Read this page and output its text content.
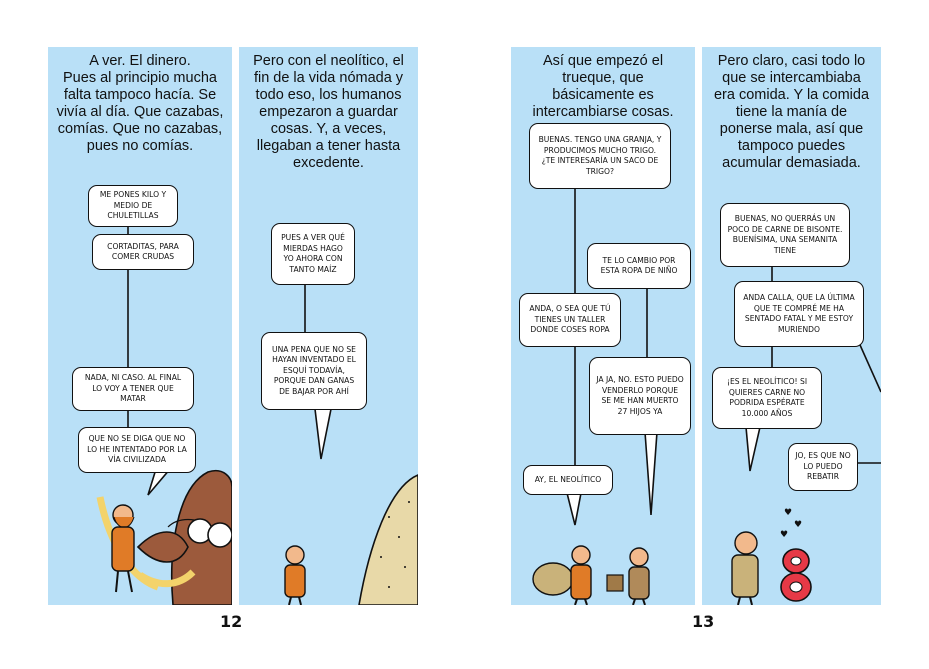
A ver. El dinero.
Pues al principio mucha falta tampoco hacía. Se vivía al día. Que cazabas, comías. Que no cazabas, pues no comías.
ME PONES KILO Y MEDIO DE CHULETILLAS
CORTADITAS, PARA COMER CRUDAS
NADA, NI CASO. AL FINAL LO VOY A TENER QUE MATAR
QUE NO SE DIGA QUE NO LO HE INTENTADO POR LA VÍA CIVILIZADA
Pero con el neolítico, el fin de la vida nómada y todo eso, los humanos empezaron a guardar cosas. Y, a veces, llegaban a tener hasta excedente.
PUES A VER QUÉ MIERDAS HAGO YO AHORA CON TANTO MAÍZ
UNA PENA QUE NO SE HAYAN INVENTADO EL ESQUÍ TODAVÍA, PORQUE DAN GANAS DE BAJAR POR AHÍ
12
Así que empezó el trueque, que básicamente es intercambiarse cosas.
BUENAS. TENGO UNA GRANJA, Y PRODUCIMOS MUCHO TRIGO. ¿TE INTERESARÍA UN SACO DE TRIGO?
TE LO CAMBIO POR ESTA ROPA DE NIÑO
ANDA, O SEA QUE TÚ TIENES UN TALLER DONDE COSES ROPA
JA JA, NO. ESTO PUEDO VENDERLO PORQUE SE ME HAN MUERTO 27 HIJOS YA
AY, EL NEOLÍTICO
Pero claro, casi todo lo que se intercambiaba era comida. Y la comida tiene la manía de ponerse mala, así que tampoco puedes acumular demasiada.
BUENAS, NO QUERRÁS UN POCO DE CARNE DE BISONTE. BUENÍSIMA, UNA SEMANITA TIENE
ANDA CALLA, QUE LA ÚLTIMA QUE TE COMPRÉ ME HA SENTADO FATAL Y ME ESTOY MURIENDO
¡ES EL NEOLÍTICO! SI QUIERES CARNE NO PODRIDA ESPÉRATE 10.000 AÑOS
JO, ES QUE NO LO PUEDO REBATIR
♥
♥
♥
13
